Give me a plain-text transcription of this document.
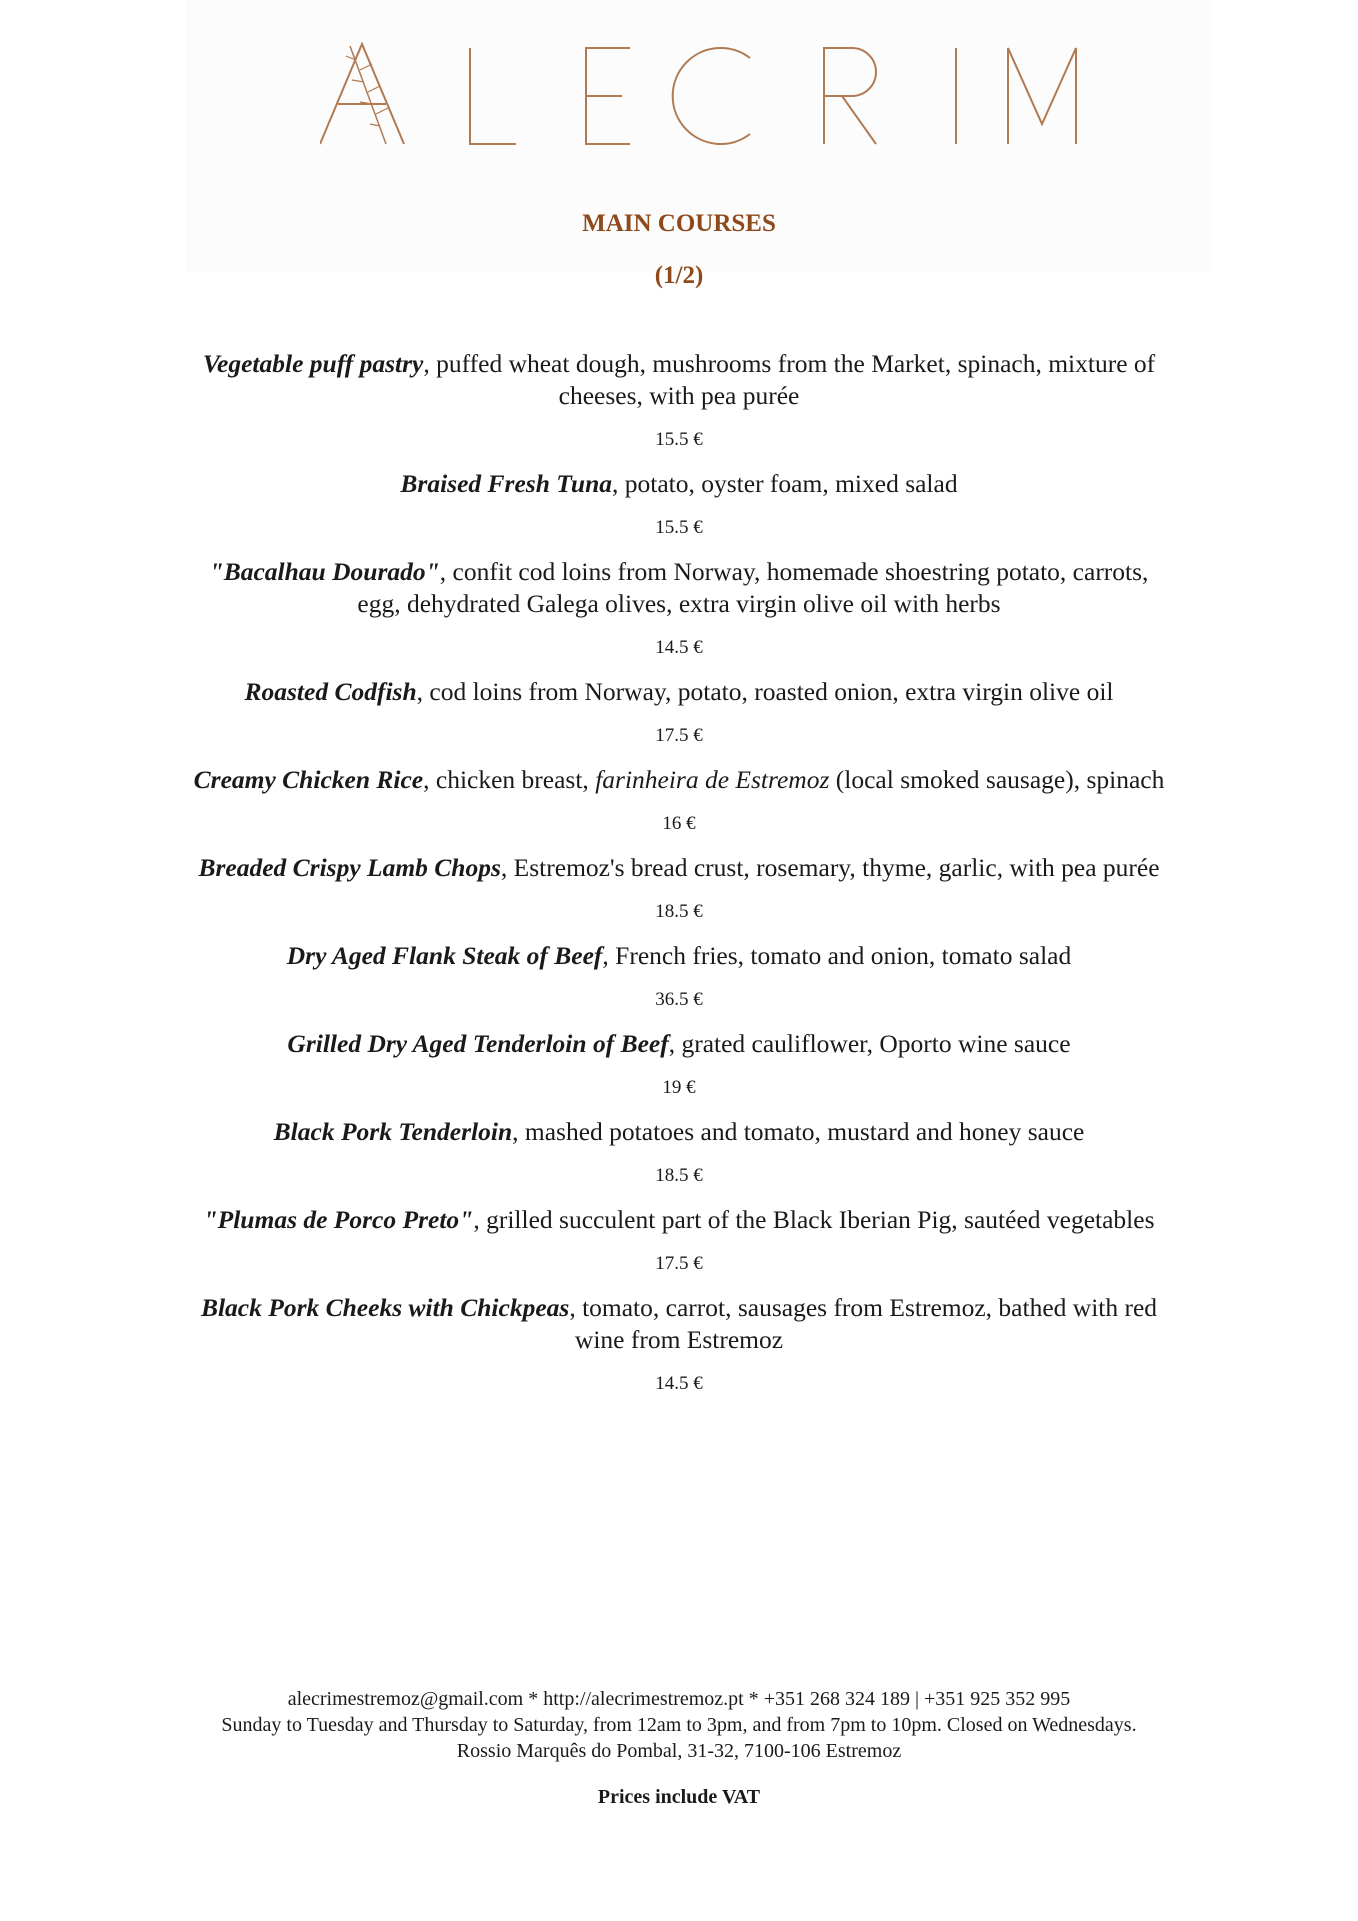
MAIN COURSES
(1/2)

Vegetable puff pastry, puffed wheat dough, mushrooms from the Market, spinach, mixture of cheeses, with pea purée

15.5 €

Braised Fresh Tuna, potato, oyster foam, mixed salad

15.5 €

"Bacalhau Dourado", confit cod loins from Norway, homemade shoestring potato, carrots, egg, dehydrated Galega olives, extra virgin olive oil with herbs

14.5 €

Roasted Codfish, cod loins from Norway, potato, roasted onion, extra virgin olive oil

17.5 €

Creamy Chicken Rice, chicken breast, farinheira de Estremoz (local smoked sausage), spinach

16 €

Breaded Crispy Lamb Chops, Estremoz's bread crust, rosemary, thyme, garlic, with pea purée

18.5 €

Dry Aged Flank Steak of Beef, French fries, tomato and onion, tomato salad

36.5 €

Grilled Dry Aged Tenderloin of Beef, grated cauliflower, Oporto wine sauce

19 €

Black Pork Tenderloin, mashed potatoes and tomato, mustard and honey sauce

18.5 €

"Plumas de Porco Preto", grilled succulent part of the Black Iberian Pig, sautéed vegetables

17.5 €

Black Pork Cheeks with Chickpeas, tomato, carrot, sausages from Estremoz, bathed with red wine from Estremoz

14.5 €

alecrimestremoz@gmail.com * http://alecrimestremoz.pt * +351 268 324 189 | +351 925 352 995

Sunday to Tuesday and Thursday to Saturday, from 12am to 3pm, and from 7pm to 10pm. Closed on Wednesdays.

Rossio Marquês do Pombal, 31-32, 7100-106 Estremoz

Prices include VAT
